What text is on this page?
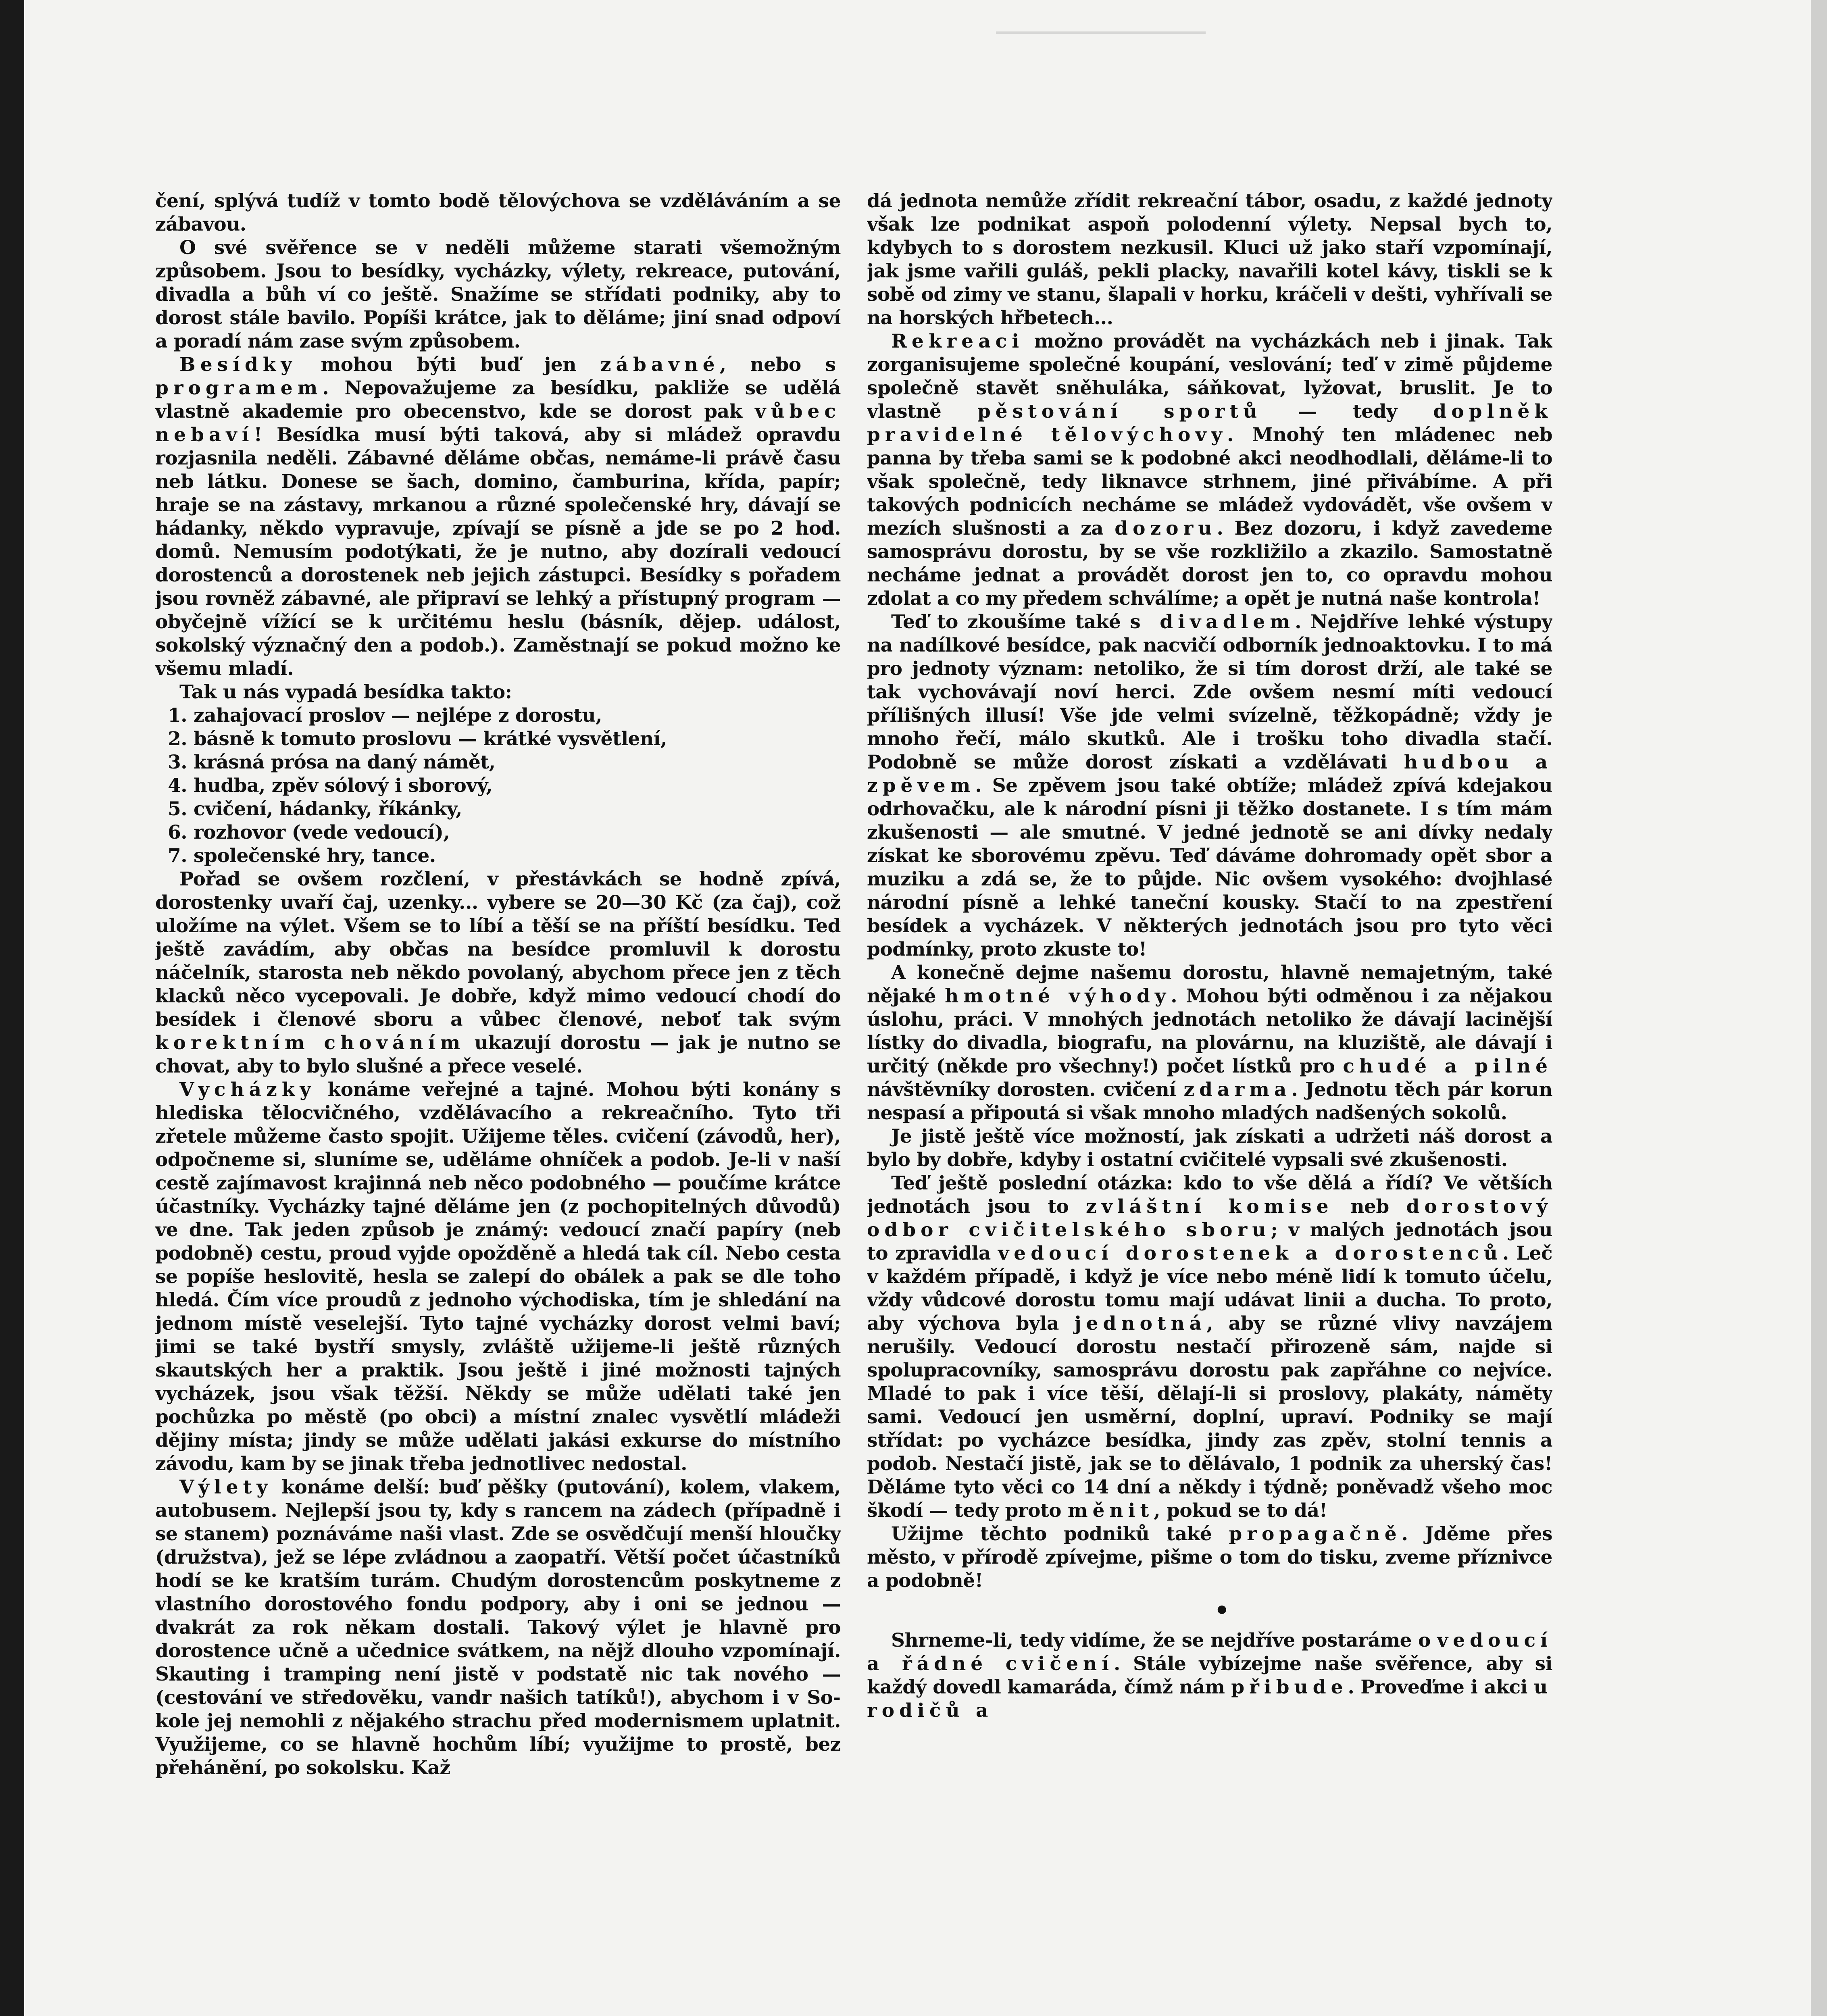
čení, splývá tudíž v tomto bodě tělovýchova se vzděláváním a se zábavou.

O své svěřence se v neděli můžeme starati všemožným způsobem. Jsou to besídky, vycházky, výlety, rekreace, putování, divadla a bůh ví co ještě. Snažíme se střídati podniky, aby to dorost stále bavilo. Popíši krátce, jak to děláme; jiní snad odpoví a poradí nám zase svým způsobem.

Besídky mohou býti buď jen zábavné, nebo s programem. Nepovažujeme za besídku, pakliže se udělá vlastně akademie pro obecenstvo, kde se dorost pak vůbec nebaví! Besídka musí býti taková, aby si mládež opravdu rozjasnila neděli. Zábavné děláme občas, nemáme-li právě času neb látku. Donese se šach, domino, čamburina, křída, papír; hraje se na zástavy, mrkanou a různé společenské hry, dávají se hádanky, někdo vypravuje, zpívají se písně a jde se po 2 hod. domů. Nemusím podotýkati, že je nutno, aby dozírali vedoucí dorostenců a dorostenek neb jejich zástupci. Besídky s pořadem jsou rovněž zábavné, ale připraví se lehký a přístupný program — obyčejně vížící se k určitému heslu (básník, dějep. událost, sokolský význačný den a podob.). Zaměstnají se pokud možno ke všemu mladí.

Tak u nás vypadá besídka takto:

1. zahajovací proslov — nejlépe z dorostu,
2. básně k tomuto proslovu — krátké vysvětlení,
3. krásná prósa na daný námět,
4. hudba, zpěv sólový i sborový,
5. cvičení, hádanky, říkánky,
6. rozhovor (vede vedoucí),
7. společenské hry, tance.

Pořad se ovšem rozčlení, v přestávkách se hodně zpívá, dorostenky uvaří čaj, uzenky... vybere se 20—30 Kč (za čaj), což uložíme na výlet. Všem se to líbí a těší se na příští besídku. Teď ještě zavádím, aby občas na besídce promluvil k dorostu náčelník, starosta neb někdo povolaný, abychom přece jen z těch klacků něco vycepovali. Je dobře, když mimo vedoucí chodí do besídek i členové sboru a vůbec členové, neboť tak svým korektním chováním ukazují dorostu — jak je nutno se chovat, aby to bylo slušné a přece veselé.

Vycházky konáme veřejné a tajné. Mohou býti konány s hlediska tělocvičného, vzdělávacího a rekreačního. Tyto tři zřetele můžeme často spojit. Užijeme těles. cvičení (závodů, her), odpočneme si, sluníme se, uděláme ohníček a podob. Je-li v naší cestě zajímavost krajinná neb něco podobného — poučíme krátce účastníky. Vycházky tajné děláme jen (z pochopitelných důvodů) ve dne. Tak jeden způsob je známý: vedoucí značí papíry (neb podobně) cestu, proud vyjde opožděně a hledá tak cíl. Nebo cesta se popíše heslovitě, hesla se zalepí do obálek a pak se dle toho hledá. Čím více proudů z jednoho východiska, tím je shledání na jednom místě veselejší. Tyto tajné vycházky dorost velmi baví; jimi se také bystří smysly, zvláště užijeme-li ještě různých skautských her a praktik. Jsou ještě i jiné možnosti tajných vycházek, jsou však těžší. Někdy se může udělati také jen pochůzka po městě (po obci) a místní znalec vysvětlí mládeži dějiny místa; jindy se může udělati jakási exkurse do místního závodu, kam by se jinak třeba jednotlivec nedostal.

Výlety konáme delší: buď pěšky (putování), kolem, vlakem, autobusem. Nejlepší jsou ty, kdy s rancem na zádech (případně i se stanem) poznáváme naši vlast. Zde se osvědčují menší hloučky (družstva), jež se lépe zvládnou a zaopatří. Větší počet účastníků hodí se ke kratším turám. Chudým dorostencům poskytneme z vlastního dorostového fondu podpory, aby i oni se jednou — dvakrát za rok někam dostali. Takový výlet je hlavně pro dorostence učně a učednice svátkem, na nějž dlouho vzpomínají. Skauting i tramping není jistě v podstatě nic tak nového — (cestování ve středověku, vandr našich tatíků!), abychom i v Sokole jej nemohli z nějakého strachu před modernismem uplatnit. Využijeme, co se hlavně hochům líbí; využijme to prostě, bez přehánění, po sokolsku. Kaž

dá jednota nemůže zřídit rekreační tábor, osadu, z každé jednoty však lze podnikat aspoň polodenní výlety. Nepsal bych to, kdybych to s dorostem nezkusil. Kluci už jako staří vzpomínají, jak jsme vařili guláš, pekli placky, navařili kotel kávy, tiskli se k sobě od zimy ve stanu, šlapali v horku, kráčeli v dešti, vyhřívali se na horských hřbetech...

Rekreaci možno provádět na vycházkách neb i jinak. Tak zorganisujeme společné koupání, veslování; teď v zimě půjdeme společně stavět sněhuláka, sáňkovat, lyžovat, bruslit. Je to vlastně pěstování sportů — tedy doplněk pravidelné tělovýchovy. Mnohý ten mládenec neb panna by třeba sami se k podobné akci neodhodlali, děláme-li to však společně, tedy liknavce strhnem, jiné přivábíme. A při takových podnicích necháme se mládež vydovádět, vše ovšem v mezích slušnosti a za dozoru. Bez dozoru, i když zavedeme samosprávu dorostu, by se vše rozkližilo a zkazilo. Samostatně necháme jednat a provádět dorost jen to, co opravdu mohou zdolat a co my předem schválíme; a opět je nutná naše kontrola!

Teď to zkoušíme také s divadlem. Nejdříve lehké výstupy na nadílkové besídce, pak nacvičí odborník jednoaktovku. I to má pro jednoty význam: netoliko, že si tím dorost drží, ale také se tak vychovávají noví herci. Zde ovšem nesmí míti vedoucí přílišných illusí! Vše jde velmi svízelně, těžkopádně; vždy je mnoho řečí, málo skutků. Ale i trošku toho divadla stačí. Podobně se může dorost získati a vzdělávati hudbou a zpěvem. Se zpěvem jsou také obtíže; mládež zpívá kdejakou odrhovačku, ale k národní písni ji těžko dostanete. I s tím mám zkušenosti — ale smutné. V jedné jednotě se ani dívky nedaly získat ke sborovému zpěvu. Teď dáváme dohromady opět sbor a muziku a zdá se, že to půjde. Nic ovšem vysokého: dvojhlasé národní písně a lehké taneční kousky. Stačí to na zpestření besídek a vycházek. V některých jednotách jsou pro tyto věci podmínky, proto zkuste to!

A konečně dejme našemu dorostu, hlavně nemajetným, také nějaké hmotné výhody. Mohou býti odměnou i za nějakou úslohu, práci. V mnohých jednotách netoliko že dávají lacinější lístky do divadla, biografu, na plovárnu, na kluziště, ale dávají i určitý (někde pro všechny!) počet lístků pro chudé a pilné návštěvníky dorosten. cvičení zdarma. Jednotu těch pár korun nespasí a připoutá si však mnoho mladých nadšených sokolů.

Je jistě ještě více možností, jak získati a udržeti náš dorost a bylo by dobře, kdyby i ostatní cvičitelé vypsali své zkušenosti.

Teď ještě poslední otázka: kdo to vše dělá a řídí? Ve větších jednotách jsou to zvláštní komise neb dorostový odbor cvičitelského sboru; v malých jednotách jsou to zpravidla vedoucí dorostenek a dorostenců. Leč v každém případě, i když je více nebo méně lidí k tomuto účelu, vždy vůdcové dorostu tomu mají udávat linii a ducha. To proto, aby výchova byla jednotná, aby se různé vlivy navzájem nerušily. Vedoucí dorostu nestačí přirozeně sám, najde si spolupracovníky, samosprávu dorostu pak zapřáhne co nejvíce. Mladé to pak i více těší, dělají-li si proslovy, plakáty, náměty sami. Vedoucí jen usměrní, doplní, upraví. Podniky se mají střídat: po vycházce besídka, jindy zas zpěv, stolní tennis a podob. Nestačí jistě, jak se to dělávalo, 1 podnik za uherský čas! Děláme tyto věci co 14 dní a někdy i týdně; poněvadž všeho moc škodí — tedy proto měnit, pokud se to dá!

Užijme těchto podniků také propagačně. Jděme přes město, v přírodě zpívejme, pišme o tom do tisku, zveme příznivce a podobně!

•

Shrneme-li, tedy vidíme, že se nejdříve postaráme o vedoucí a řádné cvičení. Stále vybízejme naše svěřence, aby si každý dovedl kamaráda, čímž nám přibude. Proveďme i akci u rodičů a
